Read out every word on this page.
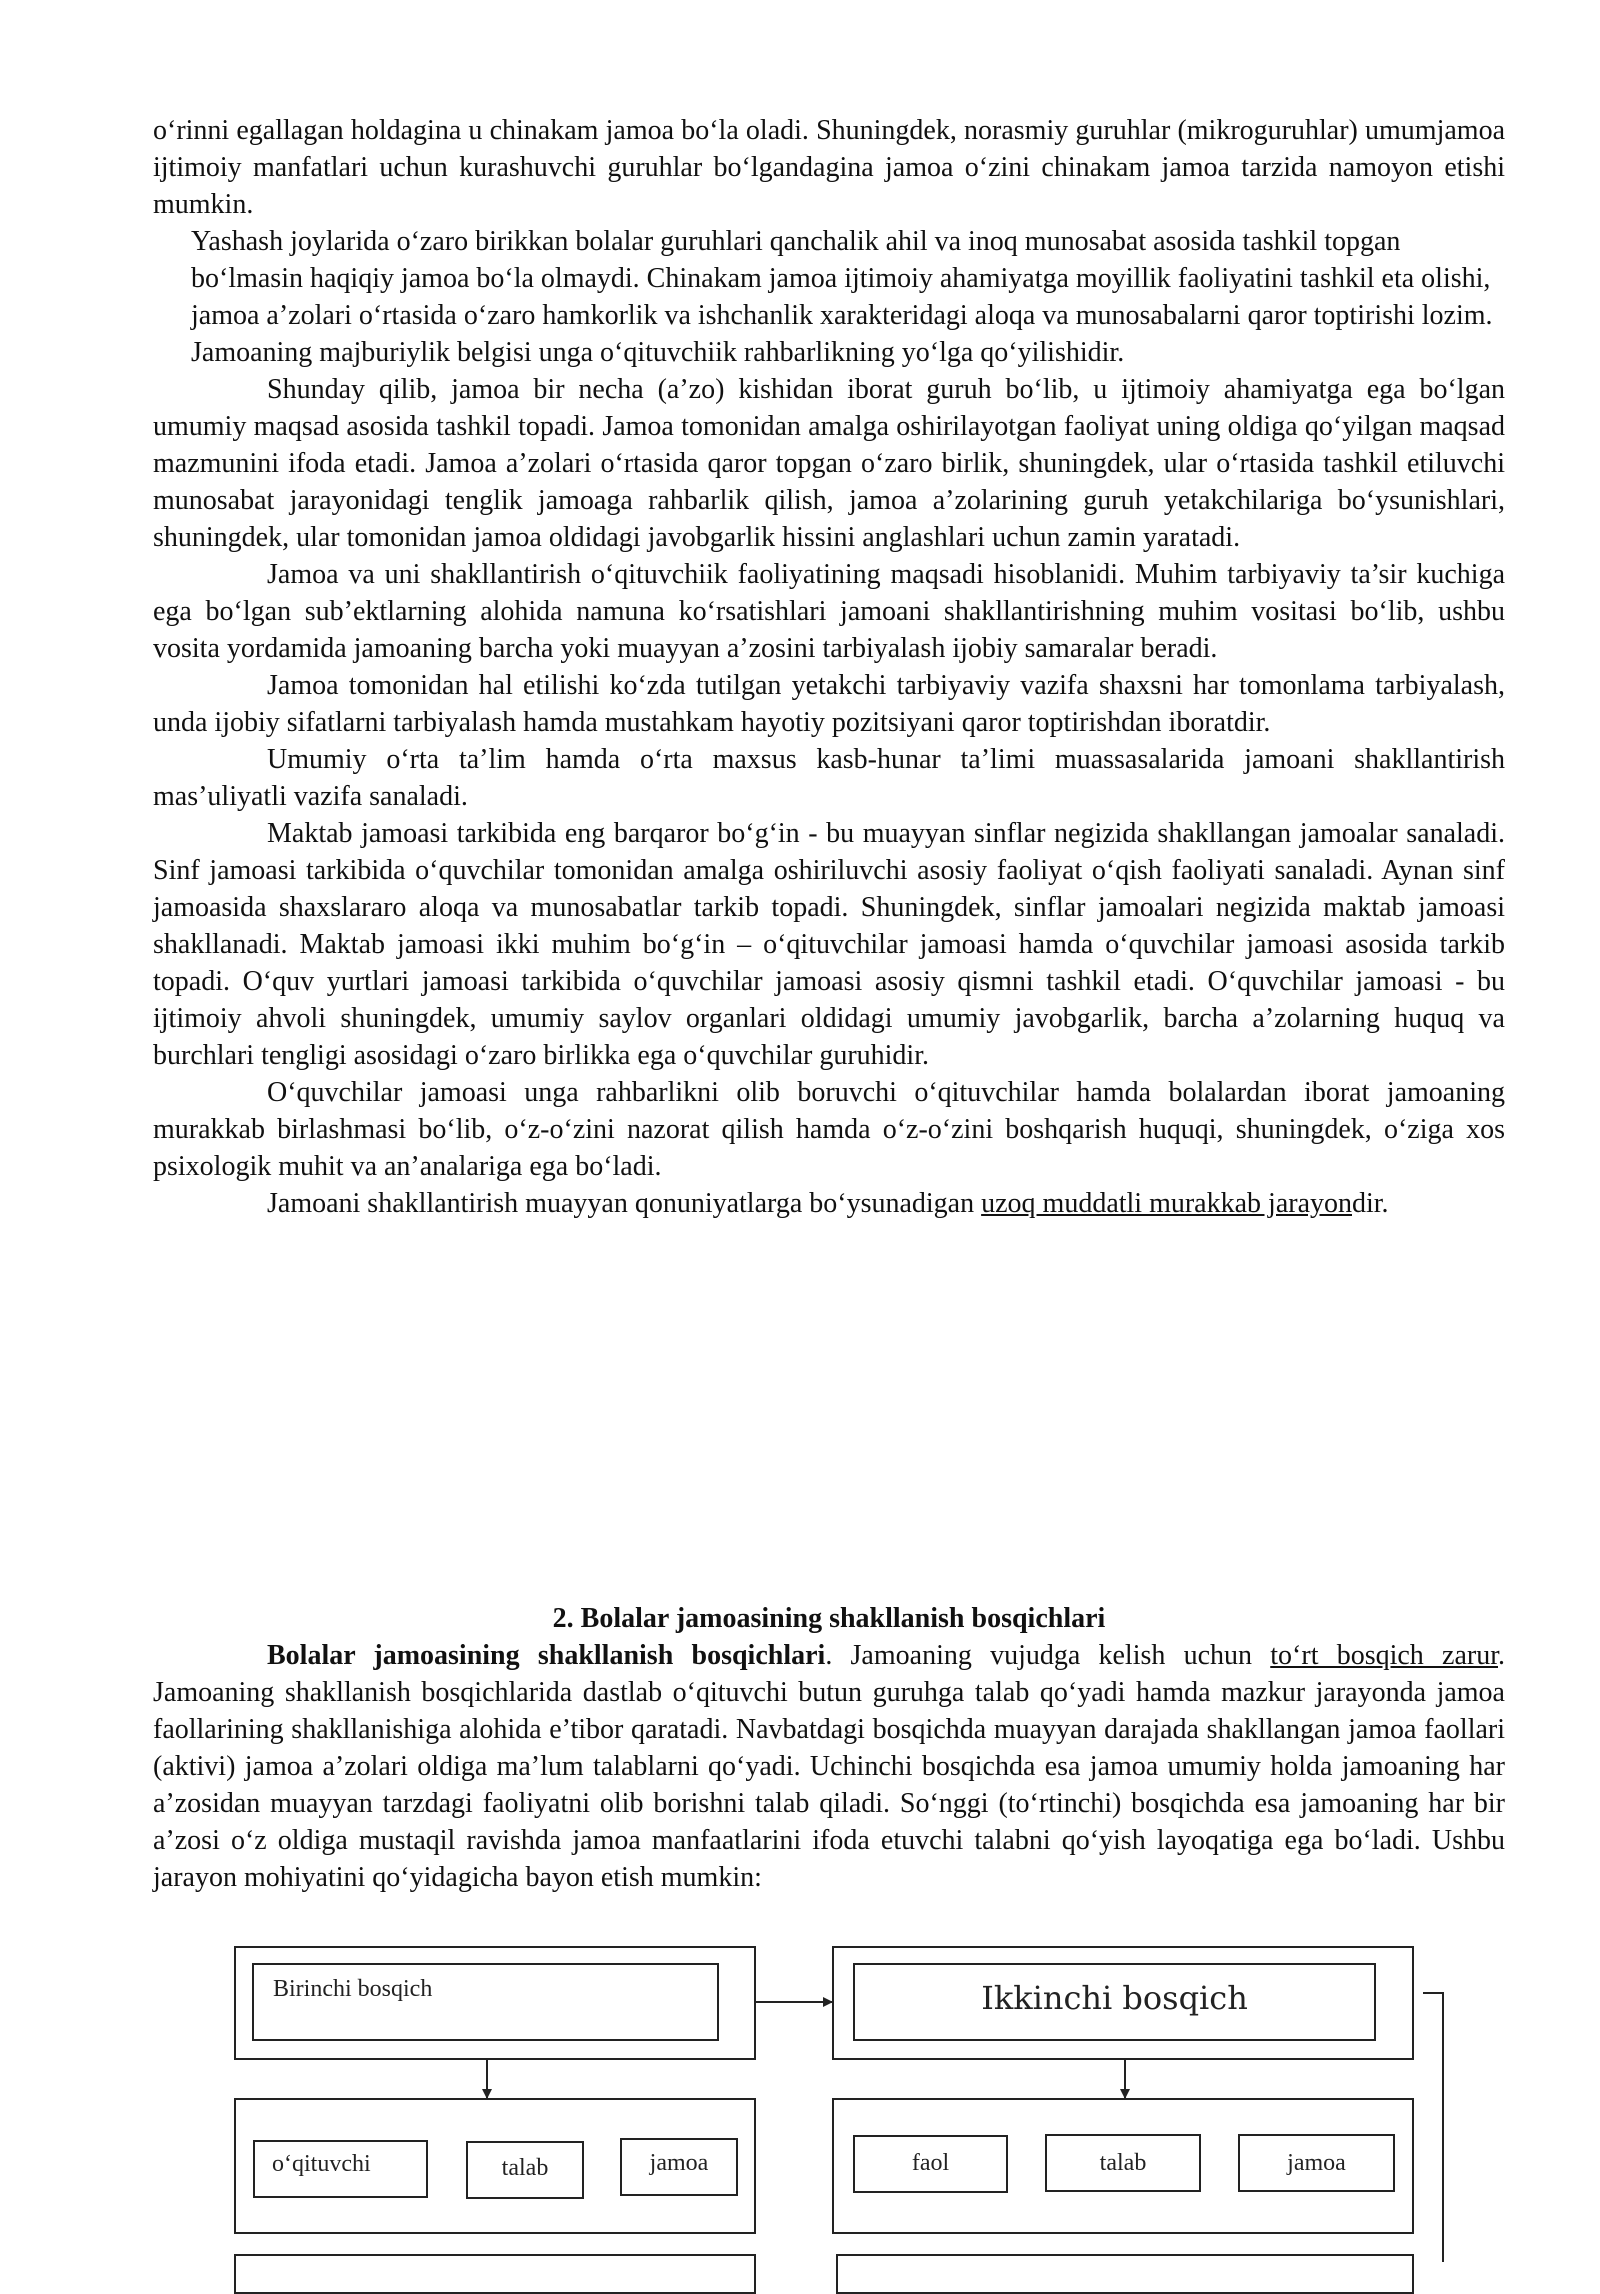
o‘rinni egallagan holdagina u chinakam jamoa bo‘la oladi. Shuningdek, norasmiy guruhlar (mikroguruhlar) umumjamoa ijtimoiy manfatlari uchun kurashuvchi guruhlar bo‘lgandagina jamoa o‘zini chinakam jamoa tarzida namoyon etishi mumkin.

Yashash joylarida o‘zaro birikkan bolalar guruhlari qanchalik ahil va inoq munosabat asosida tashkil topgan bo‘lmasin haqiqiy jamoa bo‘la olmaydi. Chinakam jamoa ijtimoiy ahamiyatga moyillik faoliyatini tashkil eta olishi, jamoa a’zolari o‘rtasida o‘zaro hamkorlik va ishchanlik xarakteridagi aloqa va munosabalarni qaror toptirishi lozim. Jamoaning majburiylik belgisi unga o‘qituvchiik rahbarlikning yo‘lga qo‘yilishidir.

Shunday qilib, jamoa bir necha (a’zo) kishidan iborat guruh bo‘lib, u ijtimoiy ahamiyatga ega bo‘lgan umumiy maqsad asosida tashkil topadi. Jamoa tomonidan amalga oshirilayotgan faoliyat uning oldiga qo‘yilgan maqsad mazmunini ifoda etadi. Jamoa a’zolari o‘rtasida qaror topgan o‘zaro birlik, shuningdek, ular o‘rtasida tashkil etiluvchi munosabat jarayonidagi tenglik jamoaga rahbarlik qilish, jamoa a’zolarining guruh yetakchilariga bo‘ysunishlari, shuningdek, ular tomonidan jamoa oldidagi javobgarlik hissini anglashlari uchun zamin yaratadi.

Jamoa va uni shakllantirish o‘qituvchiik faoliyatining maqsadi hisoblanidi. Muhim tarbiyaviy ta’sir kuchiga ega bo‘lgan sub’ektlarning alohida namuna ko‘rsatishlari jamoani shakllantirishning muhim vositasi bo‘lib, ushbu vosita yordamida jamoaning barcha yoki muayyan a’zosini tarbiyalash ijobiy samaralar beradi.

Jamoa tomonidan hal etilishi ko‘zda tutilgan yetakchi tarbiyaviy vazifa shaxsni har tomonlama tarbiyalash, unda ijobiy sifatlarni tarbiyalash hamda mustahkam hayotiy pozitsiyani qaror toptirishdan iboratdir.

Umumiy o‘rta ta’lim hamda o‘rta maxsus kasb-hunar ta’limi muassasalarida jamoani shakllantirish mas’uliyatli vazifa sanaladi.

Maktab jamoasi tarkibida eng barqaror bo‘g‘in - bu muayyan sinflar negizida shakllangan jamoalar sanaladi. Sinf jamoasi tarkibida o‘quvchilar tomonidan amalga oshiriluvchi asosiy faoliyat o‘qish faoliyati sanaladi. Aynan sinf jamoasida shaxslararo aloqa va munosabatlar tarkib topadi. Shuningdek, sinflar jamoalari negizida maktab jamoasi shakllanadi. Maktab jamoasi ikki muhim bo‘g‘in – o‘qituvchilar jamoasi hamda o‘quvchilar jamoasi asosida tarkib topadi. O‘quv yurtlari jamoasi tarkibida o‘quvchilar jamoasi asosiy qismni tashkil etadi. O‘quvchilar jamoasi - bu ijtimoiy ahvoli shuningdek, umumiy saylov organlari oldidagi umumiy javobgarlik, barcha a’zolarning huquq va burchlari tengligi asosidagi o‘zaro birlikka ega o‘quvchilar guruhidir.

O‘quvchilar jamoasi unga rahbarlikni olib boruvchi o‘qituvchilar hamda bolalardan iborat jamoaning murakkab birlashmasi bo‘lib, o‘z-o‘zini nazorat qilish hamda o‘z-o‘zini boshqarish huquqi, shuningdek, o‘ziga xos psixologik muhit va an’analariga ega bo‘ladi.

Jamoani shakllantirish muayyan qonuniyatlarga bo‘ysunadigan uzoq muddatli murakkab jarayondir.

2. Bolalar jamoasining shakllanish bosqichlari

Bolalar jamoasining shakllanish bosqichlari. Jamoaning vujudga kelish uchun to‘rt bosqich zarur. Jamoaning shakllanish bosqichlarida dastlab o‘qituvchi butun guruhga talab qo‘yadi hamda mazkur jarayonda jamoa faollarining shakllanishiga alohida e’tibor qaratadi. Navbatdagi bosqichda muayyan darajada shakllangan jamoa faollari (aktivi) jamoa a’zolari oldiga ma’lum talablarni qo‘yadi. Uchinchi bosqichda esa jamoa umumiy holda jamoaning har a’zosidan muayyan tarzdagi faoliyatni olib borishni talab qiladi. So‘nggi (to‘rtinchi) bosqichda esa jamoaning har bir a’zosi o‘z oldiga mustaqil ravishda jamoa manfaatlarini ifoda etuvchi talabni qo‘yish layoqatiga ega bo‘ladi. Ushbu jarayon mohiyatini qo‘yidagicha bayon etish mumkin:

Birinchi bosqich	Ikkinchi bosqich
o‘qituvchi	talab	jamoa	faol	talab	jamoa
